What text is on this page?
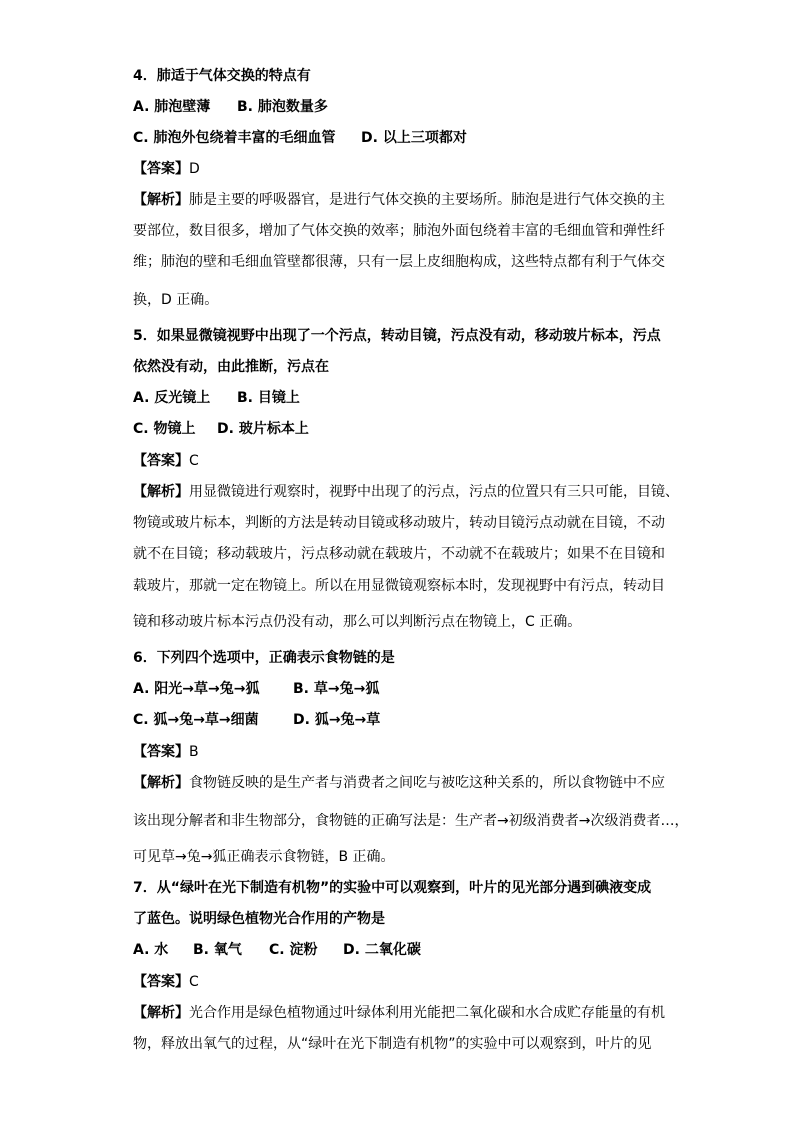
4．肺适于气体交换的特点有
A. 肺泡壁薄 B. 肺泡数量多
C. 肺泡外包绕着丰富的毛细血管 D. 以上三项都对
【答案】D
【解析】肺是主要的呼吸器官，是进行气体交换的主要场所。肺泡是进行气体交换的主
要部位，数目很多，增加了气体交换的效率；肺泡外面包绕着丰富的毛细血管和弹性纤
维；肺泡的壁和毛细血管壁都很薄，只有一层上皮细胞构成，这些特点都有利于气体交
换，D 正确。
5．如果显微镜视野中出现了一个污点，转动目镜，污点没有动，移动玻片标本，污点
依然没有动，由此推断，污点在
A. 反光镜上 B. 目镜上
C. 物镜上 D. 玻片标本上
【答案】C
【解析】用显微镜进行观察时，视野中出现了的污点，污点的位置只有三只可能，目镜、
物镜或玻片标本，判断的方法是转动目镜或移动玻片，转动目镜污点动就在目镜，不动
就不在目镜；移动载玻片，污点移动就在载玻片，不动就不在载玻片；如果不在目镜和
载玻片，那就一定在物镜上。所以在用显微镜观察标本时，发现视野中有污点，转动目
镜和移动玻片标本污点仍没有动，那么可以判断污点在物镜上，C 正确。
6．下列四个选项中，正确表示食物链的是
A. 阳光→草→兔→狐 B. 草→兔→狐
C. 狐→兔→草→细菌 D. 狐→兔→草
【答案】B
【解析】食物链反映的是生产者与消费者之间吃与被吃这种关系的，所以食物链中不应
该出现分解者和非生物部分，食物链的正确写法是：生产者→初级消费者→次级消费者…，
可见草→兔→狐正确表示食物链，B 正确。
7．从“绿叶在光下制造有机物”的实验中可以观察到，叶片的见光部分遇到碘液变成
了蓝色。说明绿色植物光合作用的产物是
A. 水 B. 氧气 C. 淀粉 D. 二氧化碳
【答案】C
【解析】光合作用是绿色植物通过叶绿体利用光能把二氧化碳和水合成贮存能量的有机
物，释放出氧气的过程，从“绿叶在光下制造有机物”的实验中可以观察到，叶片的见
